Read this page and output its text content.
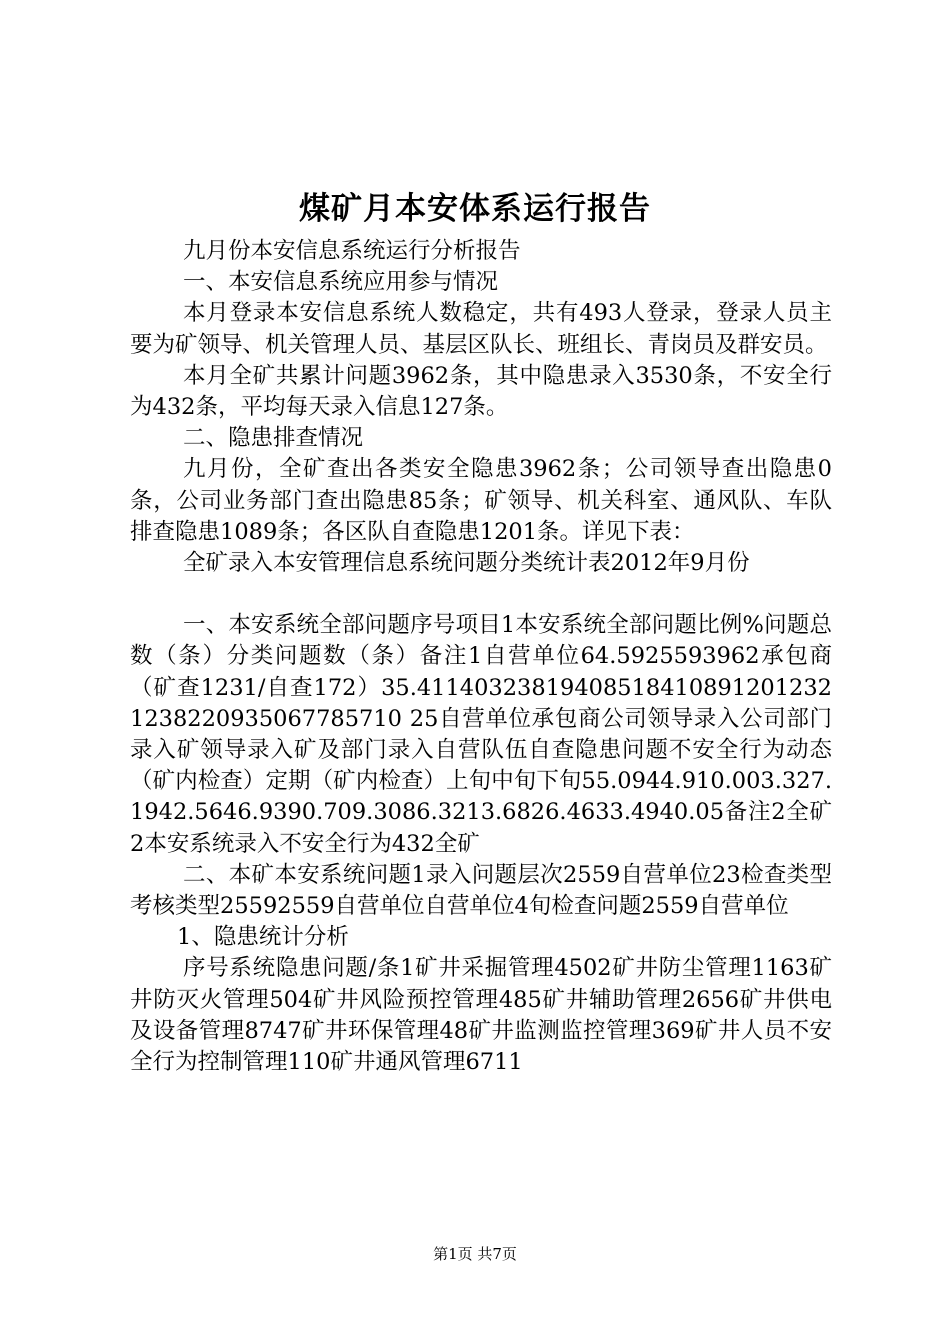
煤矿月本安体系运行报告

九月份本安信息系统运行分析报告

一、本安信息系统应用参与情况

本月登录本安信息系统人数稳定，共有493人登录，登录人员主要为矿领导、机关管理人员、基层区队长、班组长、青岗员及群安员。

本月全矿共累计问题3962条，其中隐患录入3530条，不安全行为432条，平均每天录入信息127条。

二、隐患排查情况

九月份，全矿查出各类安全隐患3962条；公司领导查出隐患0条，公司业务部门查出隐患85条；矿领导、机关科室、通风队、车队排查隐患1089条；各区队自查隐患1201条。详见下表：

全矿录入本安管理信息系统问题分类统计表2012年9月份

一、本安系统全部问题序号项目1本安系统全部问题比例%问题总数（条）分类问题数（条）备注1自营单位64.5925593962承包商（矿查1231/自查172）35.411403238194085184108912012321238220935067785710 25自营单位承包商公司领导录入公司部门录入矿领导录入矿及部门录入自营队伍自查隐患问题不安全行为动态（矿内检查）定期（矿内检查）上旬中旬下旬55.0944.910.003.327.1942.5646.9390.709.3086.3213.6826.4633.4940.05备注2全矿2本安系统录入不安全行为432全矿

二、本矿本安系统问题1录入问题层次2559自营单位23检查类型考核类型25592559自营单位自营单位4旬检查问题2559自营单位

1、隐患统计分析

序号系统隐患问题/条1矿井采掘管理4502矿井防尘管理1163矿井防灭火管理504矿井风险预控管理485矿井辅助管理2656矿井供电及设备管理8747矿井环保管理48矿井监测监控管理369矿井人员不安全行为控制管理110矿井通风管理6711

第1页 共7页
